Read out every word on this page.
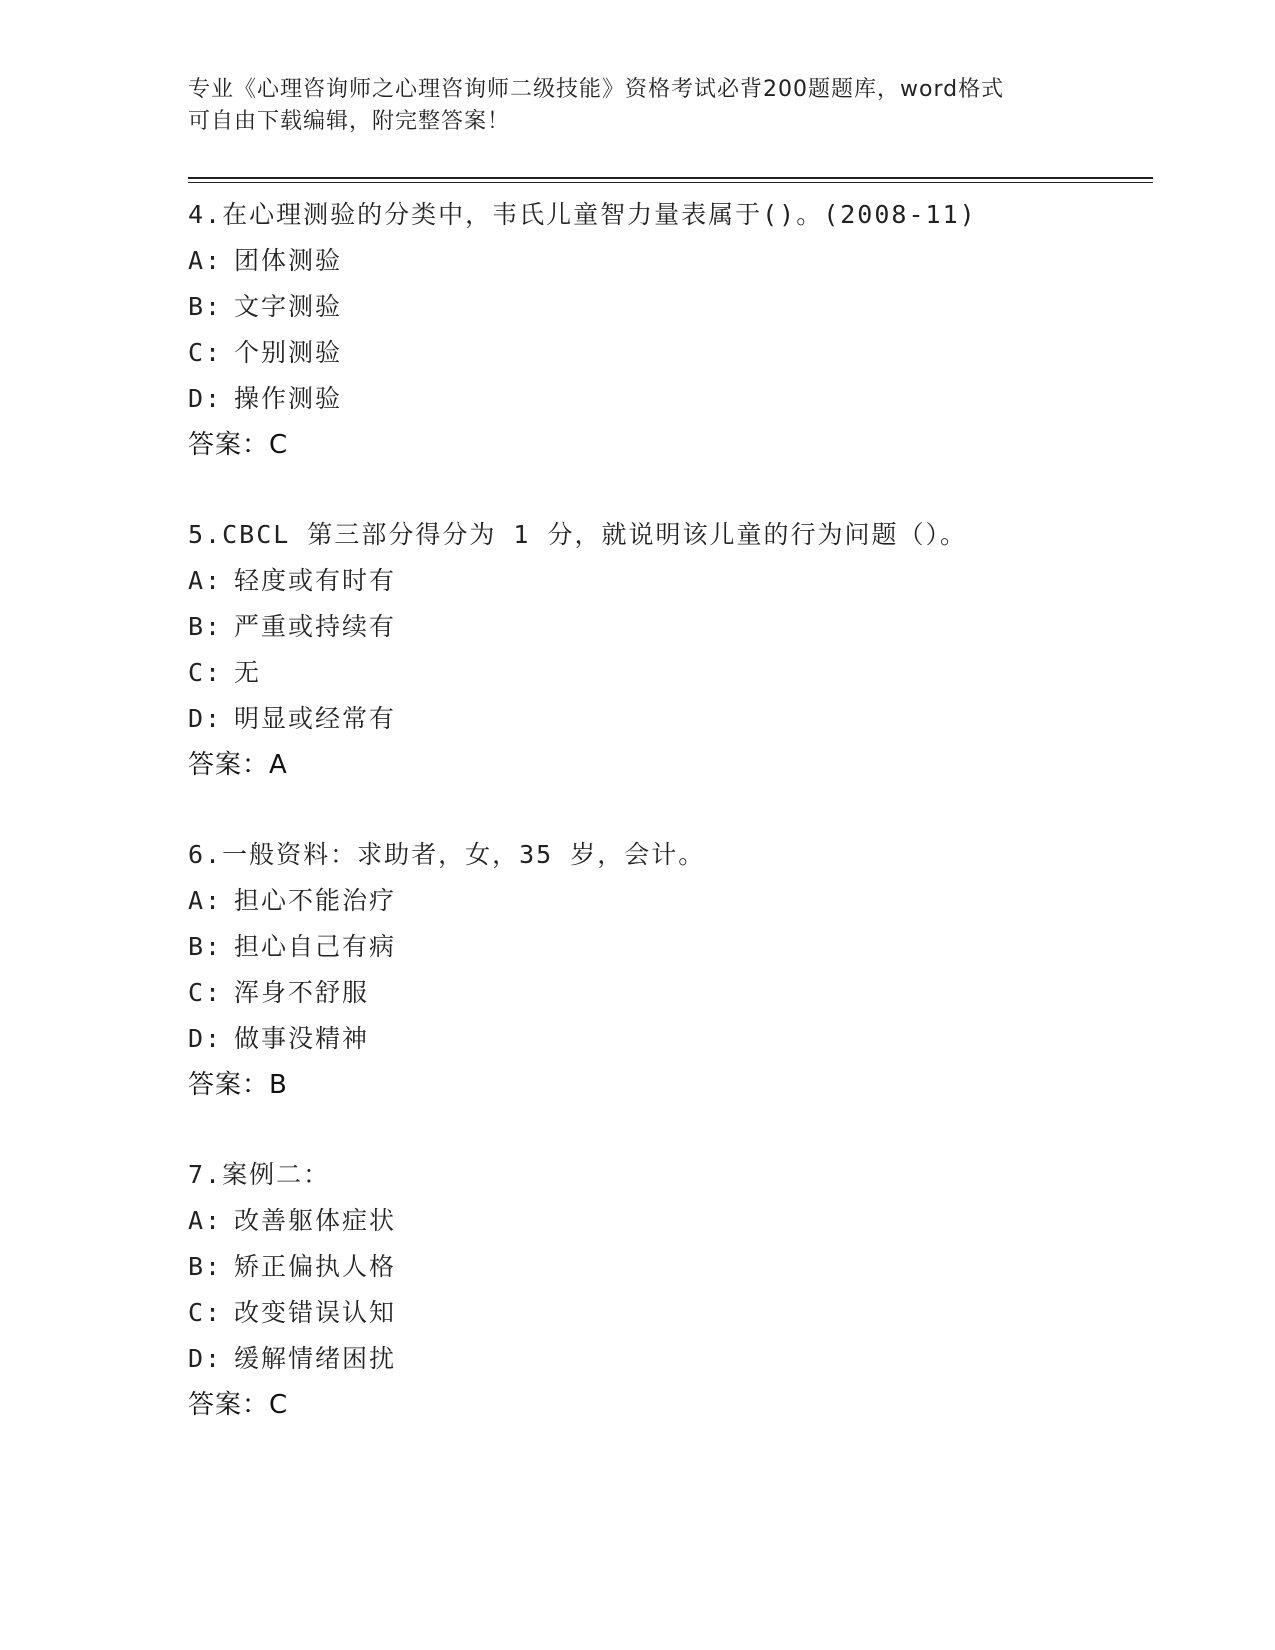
专业《心理咨询师之心理咨询师二级技能》资格考试必背200题题库，word格式
可自由下载编辑，附完整答案！
4.在心理测验的分类中，韦氏儿童智力量表属于()。(2008-11)
A: 团体测验
B: 文字测验
C: 个别测验
D: 操作测验
答案：C
5.CBCL 第三部分得分为 1 分，就说明该儿童的行为问题（）。
A: 轻度或有时有
B: 严重或持续有
C: 无
D: 明显或经常有
答案：A
6.一般资料：求助者，女，35 岁，会计。
A: 担心不能治疗
B: 担心自己有病
C: 浑身不舒服
D: 做事没精神
答案：B
7.案例二：
A: 改善躯体症状
B: 矫正偏执人格
C: 改变错误认知
D: 缓解情绪困扰
答案：C
